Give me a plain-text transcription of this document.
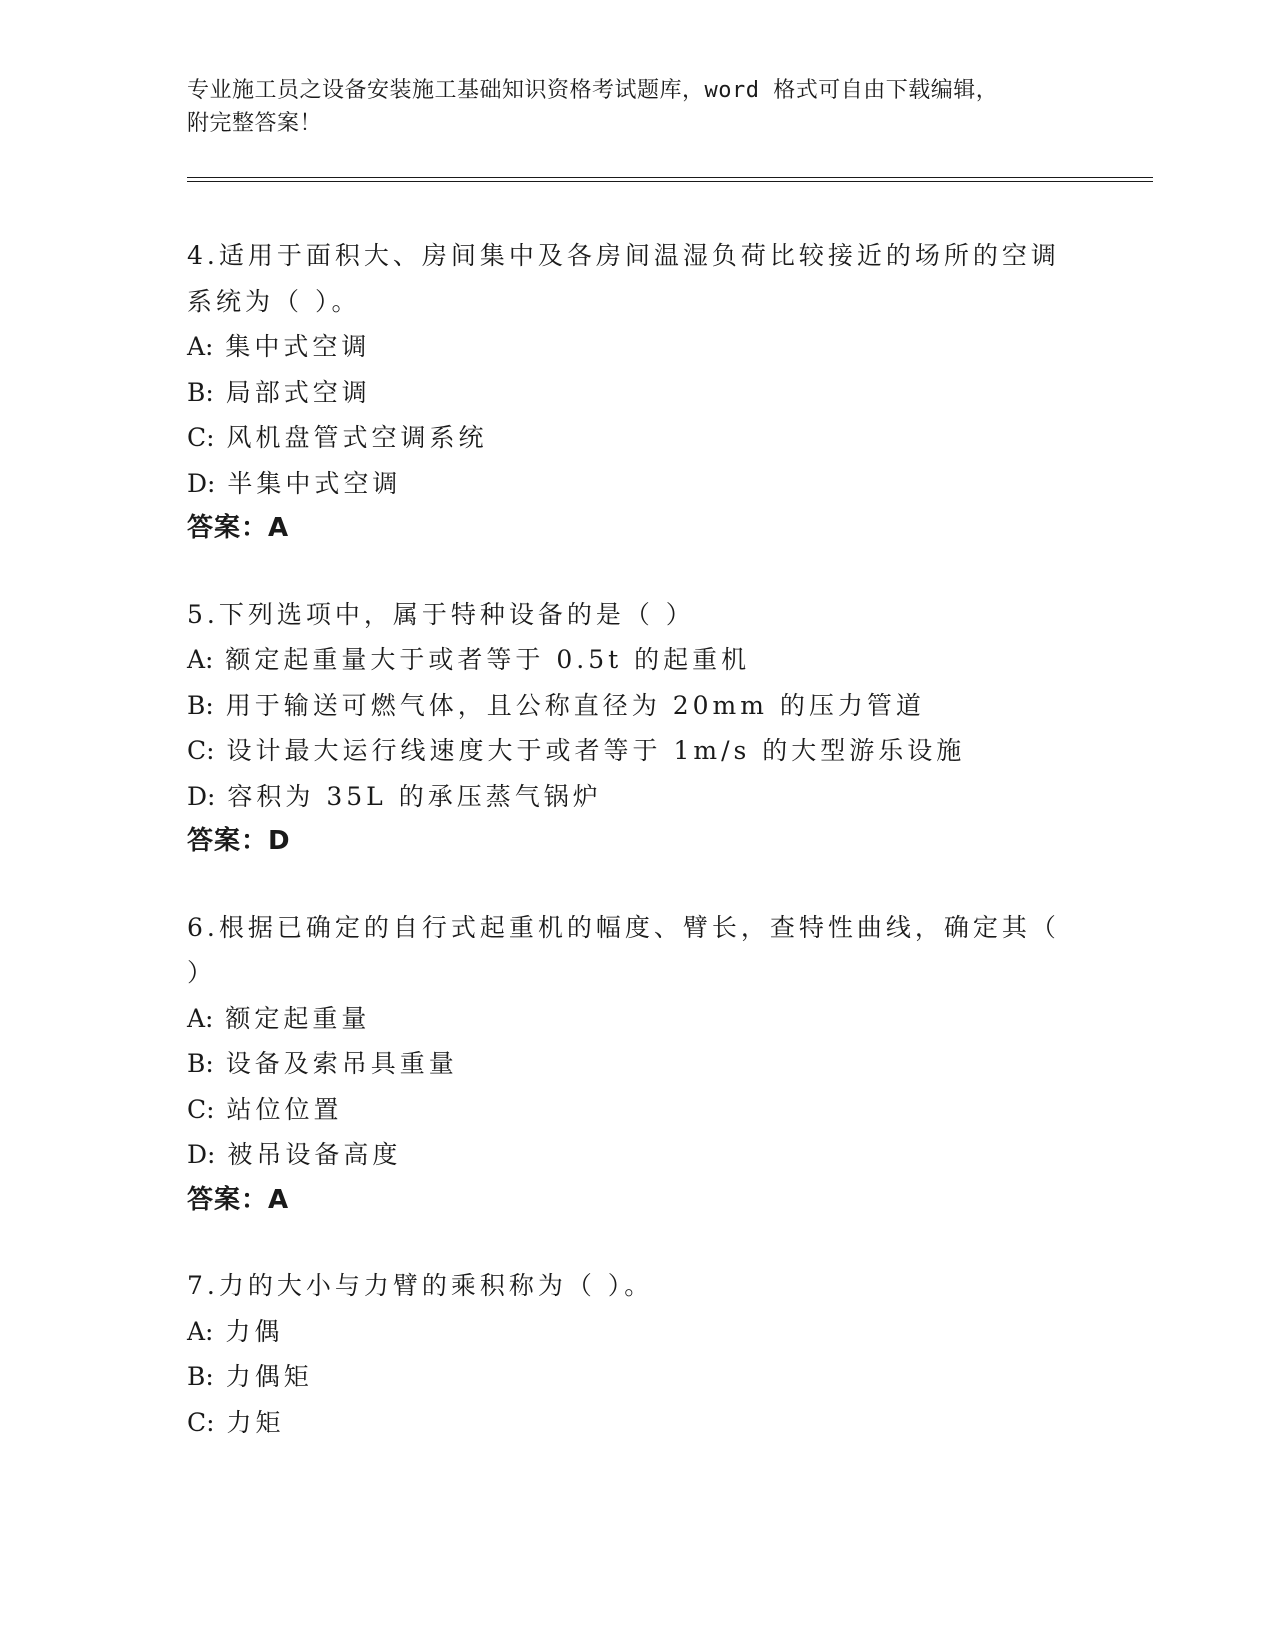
专业施工员之设备安装施工基础知识资格考试题库，word 格式可自由下载编辑，
附完整答案！
4.适用于面积大、房间集中及各房间温湿负荷比较接近的场所的空调
系统为（ ）。
A: 集中式空调
B: 局部式空调
C: 风机盘管式空调系统
D: 半集中式空调
答案：A
5.下列选项中，属于特种设备的是（ ）
A: 额定起重量大于或者等于 0.5t 的起重机
B: 用于输送可燃气体，且公称直径为 20mm 的压力管道
C: 设计最大运行线速度大于或者等于 1m/s 的大型游乐设施
D: 容积为 35L 的承压蒸气锅炉
答案：D
6.根据已确定的自行式起重机的幅度、臂长，查特性曲线，确定其（
）
A: 额定起重量
B: 设备及索吊具重量
C: 站位位置
D: 被吊设备高度
答案：A
7.力的大小与力臂的乘积称为（ ）。
A: 力偶
B: 力偶矩
C: 力矩
